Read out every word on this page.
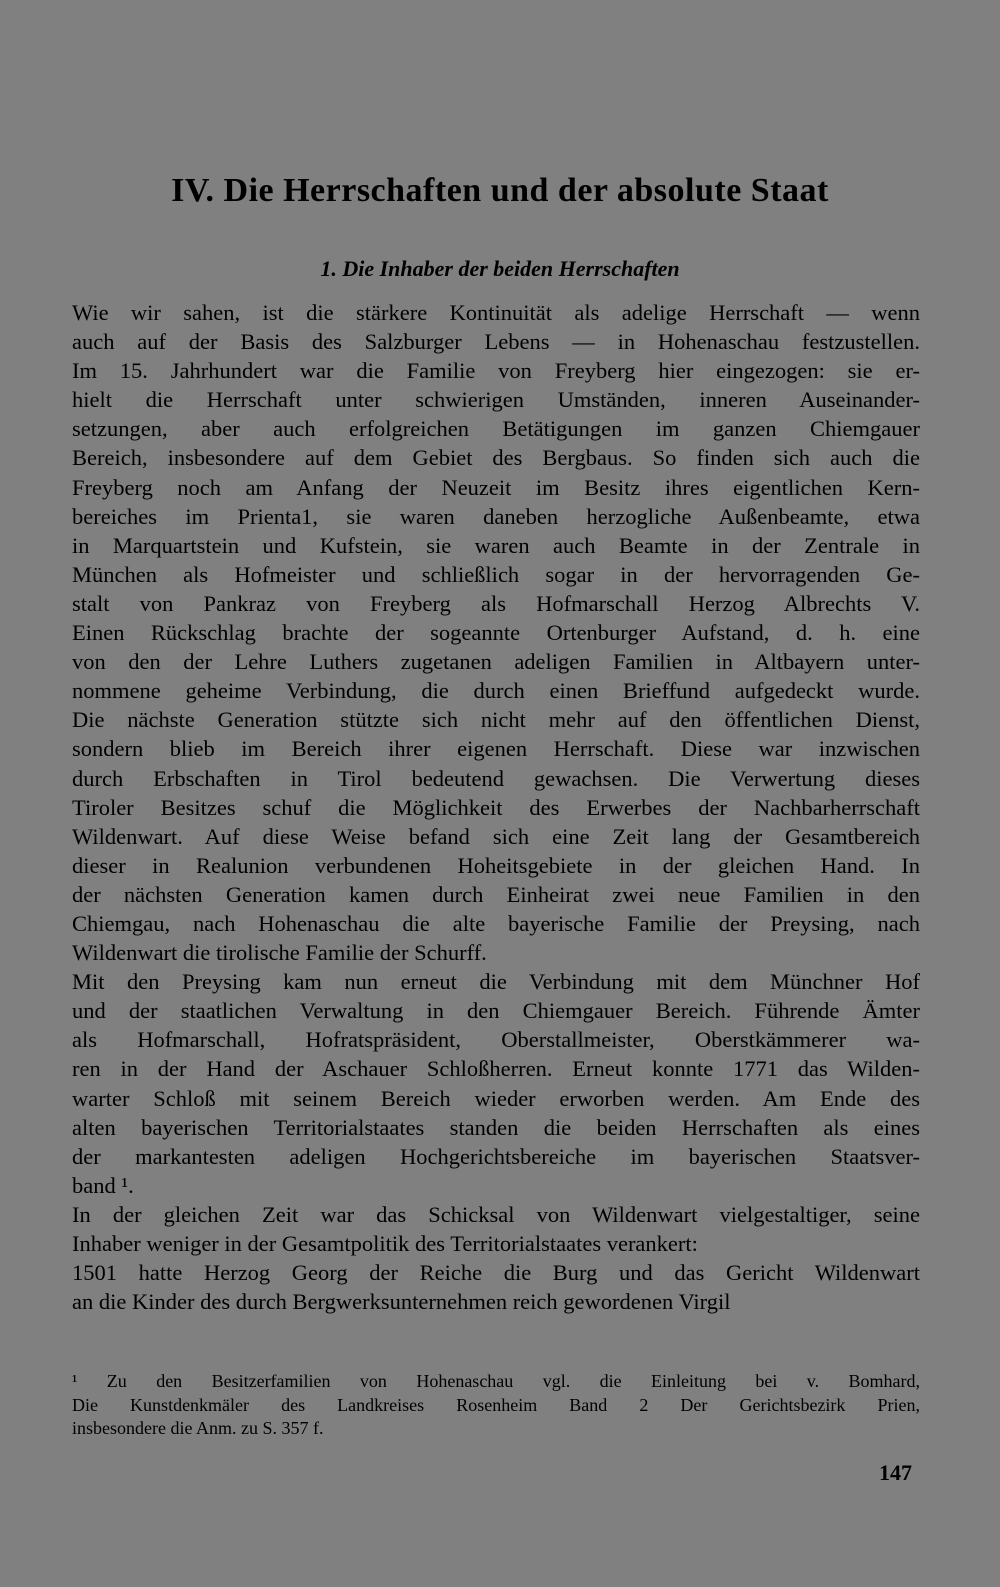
IV. Die Herrschaften und der absolute Staat
1. Die Inhaber der beiden Herrschaften
Wie wir sahen, ist die stärkere Kontinuität als adelige Herrschaft — wenn
auch auf der Basis des Salzburger Lebens — in Hohenaschau festzustellen.
Im 15. Jahrhundert war die Familie von Freyberg hier eingezogen: sie er-
hielt die Herrschaft unter schwierigen Umständen, inneren Auseinander-
setzungen, aber auch erfolgreichen Betätigungen im ganzen Chiemgauer
Bereich, insbesondere auf dem Gebiet des Bergbaus. So finden sich auch die
Freyberg noch am Anfang der Neuzeit im Besitz ihres eigentlichen Kern-
bereiches im Prienta1, sie waren daneben herzogliche Außenbeamte, etwa
in Marquartstein und Kufstein, sie waren auch Beamte in der Zentrale in
München als Hofmeister und schließlich sogar in der hervorragenden Ge-
stalt von Pankraz von Freyberg als Hofmarschall Herzog Albrechts V.
Einen Rückschlag brachte der sogeannte Ortenburger Aufstand, d. h. eine
von den der Lehre Luthers zugetanen adeligen Familien in Altbayern unter-
nommene geheime Verbindung, die durch einen Brieffund aufgedeckt wurde.
Die nächste Generation stützte sich nicht mehr auf den öffentlichen Dienst,
sondern blieb im Bereich ihrer eigenen Herrschaft. Diese war inzwischen
durch Erbschaften in Tirol bedeutend gewachsen. Die Verwertung dieses
Tiroler Besitzes schuf die Möglichkeit des Erwerbes der Nachbarherrschaft
Wildenwart. Auf diese Weise befand sich eine Zeit lang der Gesamtbereich
dieser in Realunion verbundenen Hoheitsgebiete in der gleichen Hand. In
der nächsten Generation kamen durch Einheirat zwei neue Familien in den
Chiemgau, nach Hohenaschau die alte bayerische Familie der Preysing, nach
Wildenwart die tirolische Familie der Schurff.
Mit den Preysing kam nun erneut die Verbindung mit dem Münchner Hof
und der staatlichen Verwaltung in den Chiemgauer Bereich. Führende Ämter
als Hofmarschall, Hofratspräsident, Oberstallmeister, Oberstkämmerer wa-
ren in der Hand der Aschauer Schloßherren. Erneut konnte 1771 das Wilden-
warter Schloß mit seinem Bereich wieder erworben werden. Am Ende des
alten bayerischen Territorialstaates standen die beiden Herrschaften als eines
der markantesten adeligen Hochgerichtsbereiche im bayerischen Staatsver-
band ¹.
In der gleichen Zeit war das Schicksal von Wildenwart vielgestaltiger, seine
Inhaber weniger in der Gesamtpolitik des Territorialstaates verankert:
1501 hatte Herzog Georg der Reiche die Burg und das Gericht Wildenwart
an die Kinder des durch Bergwerksunternehmen reich gewordenen Virgil
¹ Zu den Besitzerfamilien von Hohenaschau vgl. die Einleitung bei v. Bomhard,
Die Kunstdenkmäler des Landkreises Rosenheim Band 2 Der Gerichtsbezirk Prien,
insbesondere die Anm. zu S. 357 f.
147
